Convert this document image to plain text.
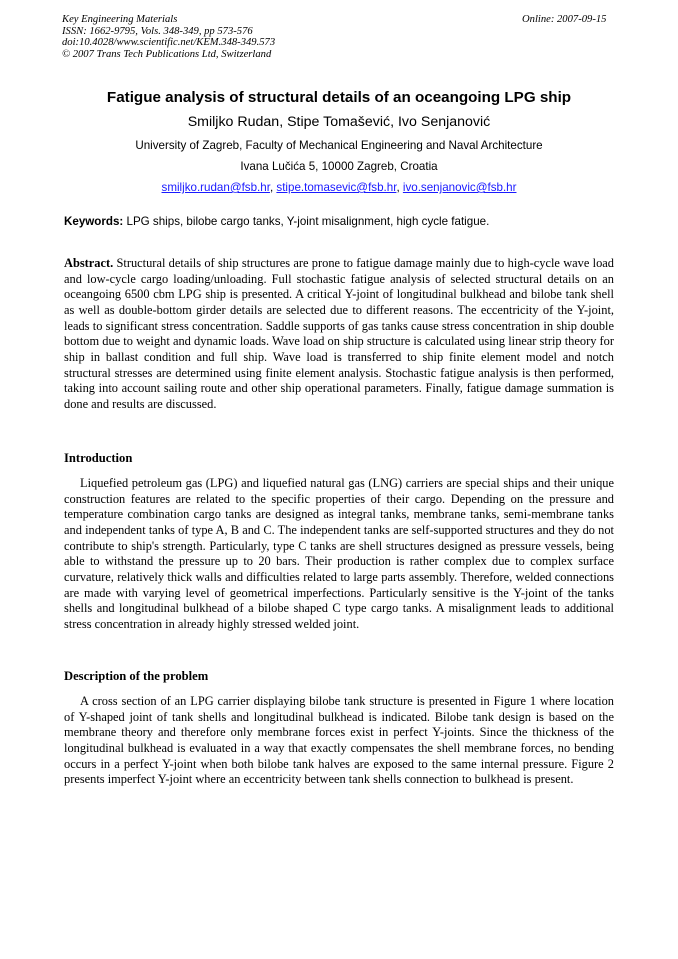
Key Engineering Materials
ISSN: 1662-9795, Vols. 348-349, pp 573-576
doi:10.4028/www.scientific.net/KEM.348-349.573
© 2007 Trans Tech Publications Ltd, Switzerland
Online: 2007-09-15
Fatigue analysis of structural details of an oceangoing LPG ship
Smiljko Rudan, Stipe Tomašević, Ivo Senjanović
University of Zagreb, Faculty of Mechanical Engineering and Naval Architecture
Ivana Lučića 5, 10000 Zagreb, Croatia
smiljko.rudan@fsb.hr, stipe.tomasevic@fsb.hr, ivo.senjanovic@fsb.hr
Keywords: LPG ships, bilobe cargo tanks, Y-joint misalignment, high cycle fatigue.
Abstract. Structural details of ship structures are prone to fatigue damage mainly due to high-cycle wave load and low-cycle cargo loading/unloading. Full stochastic fatigue analysis of selected structural details on an oceangoing 6500 cbm LPG ship is presented. A critical Y-joint of longitudinal bulkhead and bilobe tank shell as well as double-bottom girder details are selected due to different reasons. The eccentricity of the Y-joint, leads to significant stress concentration. Saddle supports of gas tanks cause stress concentration in ship double bottom due to weight and dynamic loads. Wave load on ship structure is calculated using linear strip theory for ship in ballast condition and full ship. Wave load is transferred to ship finite element model and notch structural stresses are determined using finite element analysis. Stochastic fatigue analysis is then performed, taking into account sailing route and other ship operational parameters. Finally, fatigue damage summation is done and results are discussed.
Introduction
Liquefied petroleum gas (LPG) and liquefied natural gas (LNG) carriers are special ships and their unique construction features are related to the specific properties of their cargo. Depending on the pressure and temperature combination cargo tanks are designed as integral tanks, membrane tanks, semi-membrane tanks and independent tanks of type A, B and C. The independent tanks are self-supported structures and they do not contribute to ship's strength. Particularly, type C tanks are shell structures designed as pressure vessels, being able to withstand the pressure up to 20 bars. Their production is rather complex due to complex surface curvature, relatively thick walls and difficulties related to large parts assembly. Therefore, welded connections are made with varying level of geometrical imperfections. Particularly sensitive is the Y-joint of the tanks shells and longitudinal bulkhead of a bilobe shaped C type cargo tanks. A misalignment leads to additional stress concentration in already highly stressed welded joint.
Description of the problem
A cross section of an LPG carrier displaying bilobe tank structure is presented in Figure 1 where location of Y-shaped joint of tank shells and longitudinal bulkhead is indicated. Bilobe tank design is based on the membrane theory and therefore only membrane forces exist in perfect Y-joints. Since the thickness of the longitudinal bulkhead is evaluated in a way that exactly compensates the shell membrane forces, no bending occurs in a perfect Y-joint when both bilobe tank halves are exposed to the same internal pressure. Figure 2 presents imperfect Y-joint where an eccentricity between tank shells connection to bulkhead is present.
